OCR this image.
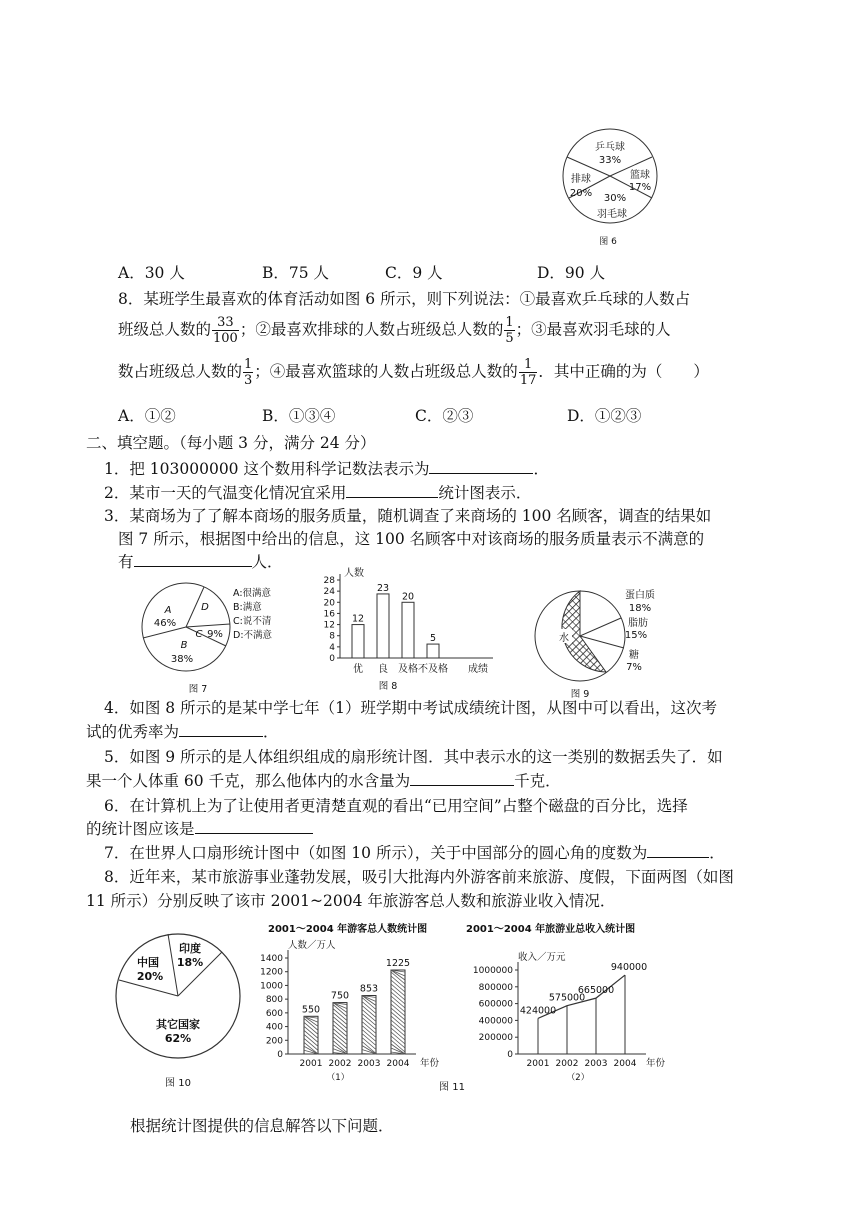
乒乓球
33%
篮球
17%
排球
20% 30%
羽毛球
图 6
A．30 人	B．75 人	C．9 人	D．90 人
8．某班学生最喜欢的体育活动如图 6 所示，则下列说法：①最喜欢乒乓球的人数占
班级总人数的 $\frac{33}{100}$ ；②最喜欢排球的人数占班级总人数的 $\frac{1}{5}$ ；③最喜欢羽毛球的人
数占班级总人数的 $\frac{1}{3}$ ；④最喜欢篮球的人数占班级总人数的 $\frac{1}{17}$ ．其中正确的为（　　）
A．①②	B．①③④	C．②③	D．①②③
二、填空题。（每小题 3 分，满分 24 分）
1．把 103000000 这个数用科学记数法表示为	．
2．某市一天的气温变化情况宜采用	统计图表示．
3．某商场为了了解本商场的服务质量，随机调查了来商场的 100 名顾客，调查的结果如
图 7 所示，根据图中给出的信息，这 100 名顾客中对该商场的服务质量表示不满意的
有	人．
A
46%
D
C 9%
B
38%
A:很满意
B:满意
C:说不清
D:不满意
图 7
人数
28
24
20
16
12
8
4
0
12
优
23
良
20
及格
5
不及格 成绩
图 8
水
蛋白质
18%
脂肪
15%
糖
7%
图 9
4．如图 8 所示的是某中学七年（1）班学期中考试成绩统计图，从图中可以看出，这次考
试的优秀率为	．
5．如图 9 所示的是人体组织组成的扇形统计图．其中表示水的这一类别的数据丢失了．如
果一个人体重 60 千克，那么他体内的水含量为	千克．
6．在计算机上为了让使用者更清楚直观的看出“已用空间”占整个磁盘的百分比，选择
的统计图应该是
7．在世界人口扇形统计图中（如图 10 所示），关于中国部分的圆心角的度数为	．
8．近年来，某市旅游事业蓬勃发展，吸引大批海内外游客前来旅游、度假，下面两图（如图
11 所示）分别反映了该市 2001~2004 年旅游客总人数和旅游业收入情况．
中国
20%
印度
18%
其它国家
62%
图 10
2001～2004 年游客总人数统计图	2001～2004 年旅游业总收入统计图
人数／万人
1400
1200
1000
800
600
400
200
0
550
2001
750
2002
853
2003
1225
2004 年份
（1）
收入／万元
1000000
800000
600000
400000
200000
0
424000
2001
575000
2002
665000
2003
940000
2004 年份
（2）
图 11
根据统计图提供的信息解答以下问题．
